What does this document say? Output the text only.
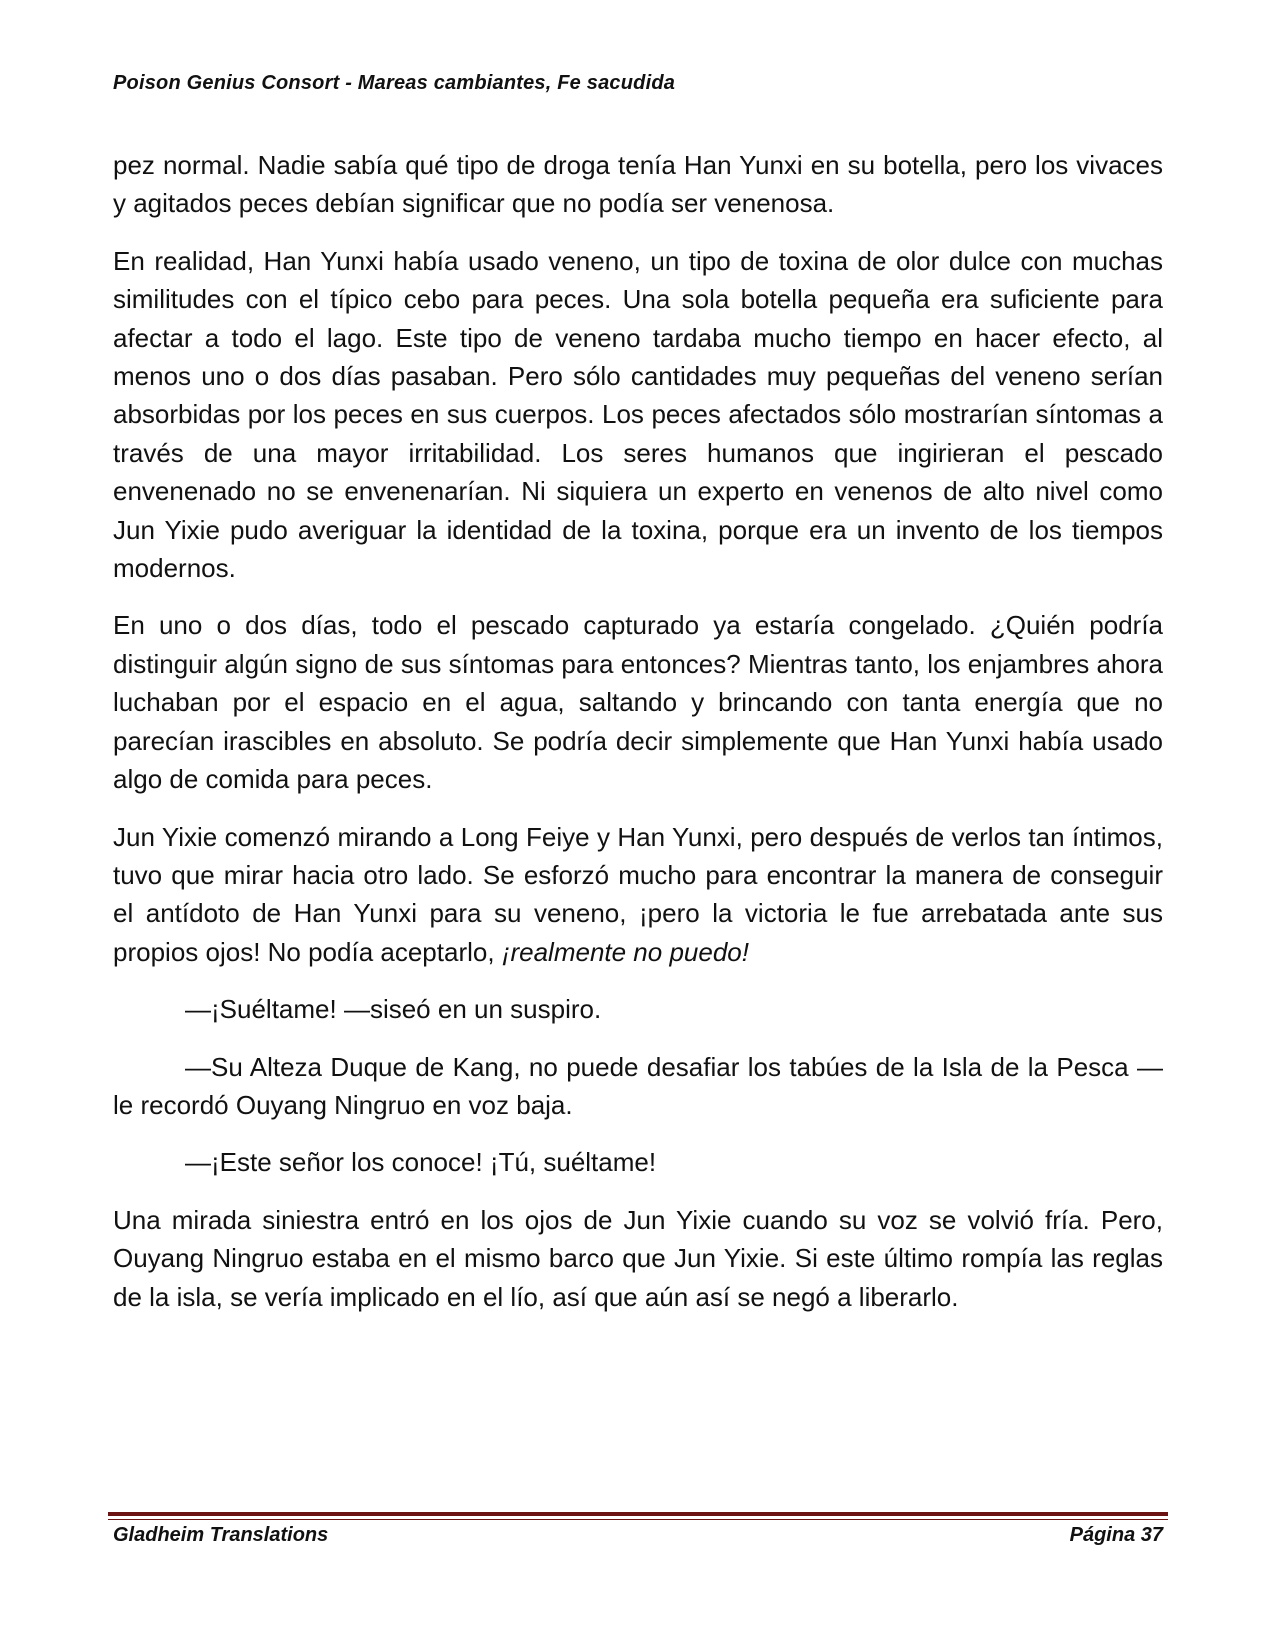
Poison Genius Consort - Mareas cambiantes, Fe sacudida

pez normal. Nadie sabía qué tipo de droga tenía Han Yunxi en su botella, pero los vivaces y agitados peces debían significar que no podía ser venenosa.

En realidad, Han Yunxi había usado veneno, un tipo de toxina de olor dulce con muchas similitudes con el típico cebo para peces. Una sola botella pequeña era suficiente para afectar a todo el lago. Este tipo de veneno tardaba mucho tiempo en hacer efecto, al menos uno o dos días pasaban. Pero sólo cantidades muy pequeñas del veneno serían absorbidas por los peces en sus cuerpos. Los peces afectados sólo mostrarían síntomas a través de una mayor irritabilidad. Los seres humanos que ingirieran el pescado envenenado no se envenenarían. Ni siquiera un experto en venenos de alto nivel como Jun Yixie pudo averiguar la identidad de la toxina, porque era un invento de los tiempos modernos.

En uno o dos días, todo el pescado capturado ya estaría congelado. ¿Quién podría distinguir algún signo de sus síntomas para entonces? Mientras tanto, los enjambres ahora luchaban por el espacio en el agua, saltando y brincando con tanta energía que no parecían irascibles en absoluto. Se podría decir simplemente que Han Yunxi había usado algo de comida para peces.

Jun Yixie comenzó mirando a Long Feiye y Han Yunxi, pero después de verlos tan íntimos, tuvo que mirar hacia otro lado. Se esforzó mucho para encontrar la manera de conseguir el antídoto de Han Yunxi para su veneno, ¡pero la victoria le fue arrebatada ante sus propios ojos! No podía aceptarlo, ¡realmente no puedo!

—¡Suéltame! —siseó en un suspiro.

—Su Alteza Duque de Kang, no puede desafiar los tabúes de la Isla de la Pesca —le recordó Ouyang Ningruo en voz baja.

—¡Este señor los conoce! ¡Tú, suéltame!

Una mirada siniestra entró en los ojos de Jun Yixie cuando su voz se volvió fría. Pero, Ouyang Ningruo estaba en el mismo barco que Jun Yixie. Si este último rompía las reglas de la isla, se vería implicado en el lío, así que aún así se negó a liberarlo.

Gladheim Translations	Página 37
